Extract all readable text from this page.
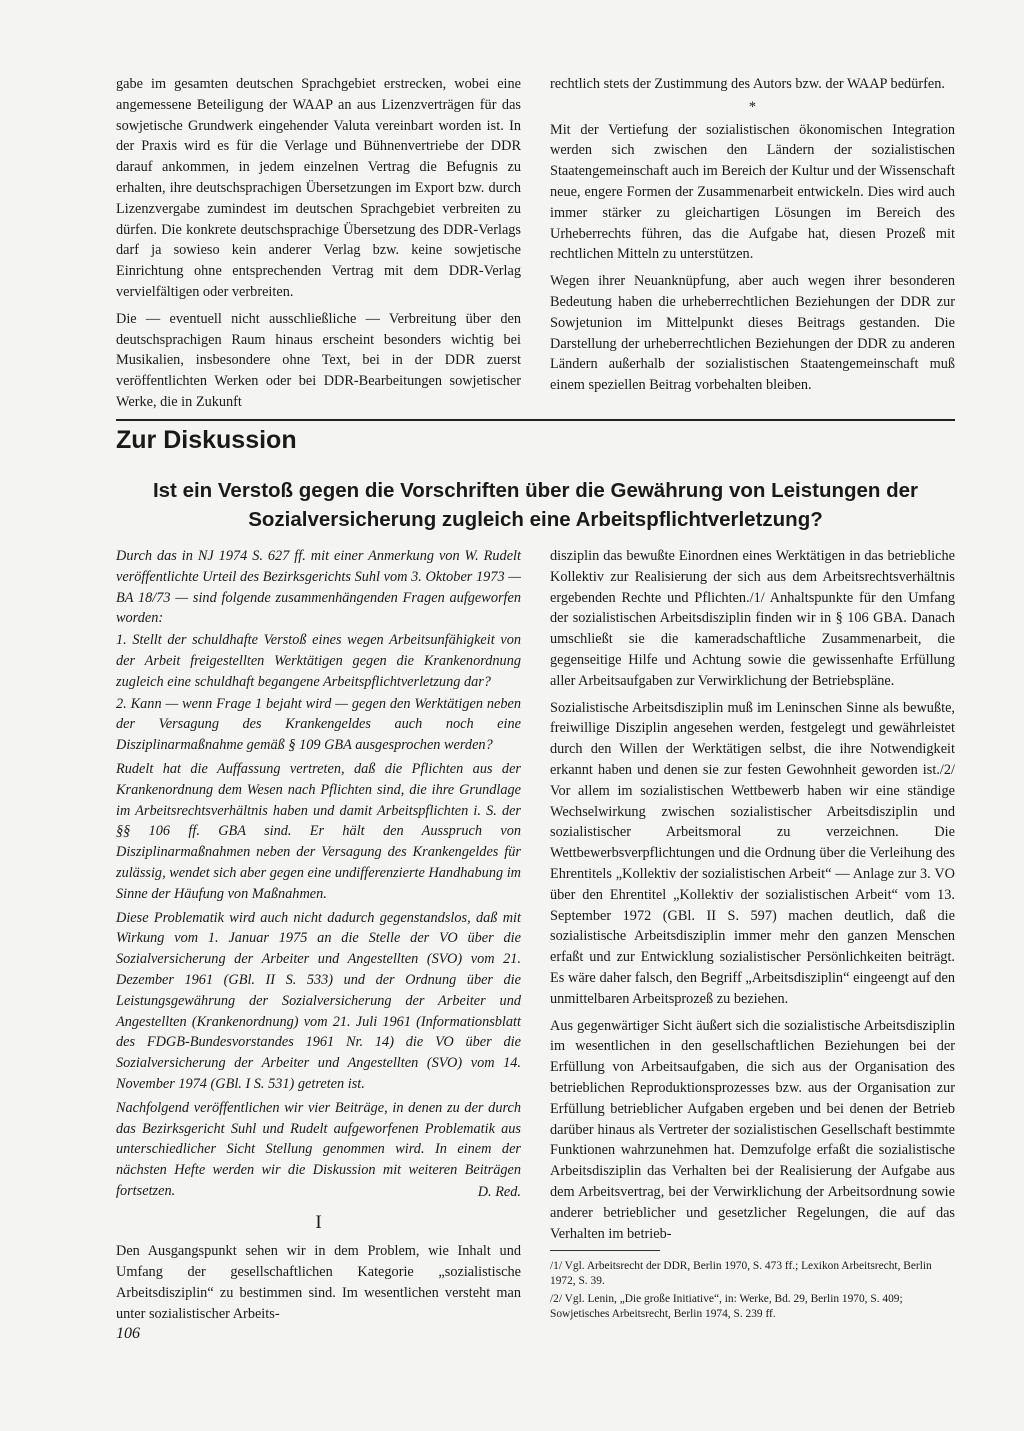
gabe im gesamten deutschen Sprachgebiet erstrecken, wobei eine angemessene Beteiligung der WAAP an aus Lizenzverträgen für das sowjetische Grundwerk eingehender Valuta vereinbart worden ist. In der Praxis wird es für die Verlage und Bühnenvertriebe der DDR darauf ankommen, in jedem einzelnen Vertrag die Befugnis zu erhalten, ihre deutschsprachigen Übersetzungen im Export bzw. durch Lizenzvergabe zumindest im deutschen Sprachgebiet verbreiten zu dürfen. Die konkrete deutschsprachige Übersetzung des DDR-Verlags darf ja sowieso kein anderer Verlag bzw. keine sowjetische Einrichtung ohne entsprechenden Vertrag mit dem DDR-Verlag vervielfältigen oder verbreiten.

Die — eventuell nicht ausschließliche — Verbreitung über den deutschsprachigen Raum hinaus erscheint besonders wichtig bei Musikalien, insbesondere ohne Text, bei in der DDR zuerst veröffentlichten Werken oder bei DDR-Bearbeitungen sowjetischer Werke, die in Zukunft

rechtlich stets der Zustimmung des Autors bzw. der WAAP bedürfen.

*

Mit der Vertiefung der sozialistischen ökonomischen Integration werden sich zwischen den Ländern der sozialistischen Staatengemeinschaft auch im Bereich der Kultur und der Wissenschaft neue, engere Formen der Zusammenarbeit entwickeln. Dies wird auch immer stärker zu gleichartigen Lösungen im Bereich des Urheberrechts führen, das die Aufgabe hat, diesen Prozeß mit rechtlichen Mitteln zu unterstützen.

Wegen ihrer Neuanknüpfung, aber auch wegen ihrer besonderen Bedeutung haben die urheberrechtlichen Beziehungen der DDR zur Sowjetunion im Mittelpunkt dieses Beitrags gestanden. Die Darstellung der urheberrechtlichen Beziehungen der DDR zu anderen Ländern außerhalb der sozialistischen Staatengemeinschaft muß einem speziellen Beitrag vorbehalten bleiben.

Zur Diskussion
Ist ein Verstoß gegen die Vorschriften über die Gewährung von Leistungen der Sozialversicherung zugleich eine Arbeitspflichtverletzung?

Durch das in NJ 1974 S. 627 ff. mit einer Anmerkung von W. Rudelt veröffentlichte Urteil des Bezirksgerichts Suhl vom 3. Oktober 1973 — BA 18/73 — sind folgende zusammenhängenden Fragen aufgeworfen worden:

1. Stellt der schuldhafte Verstoß eines wegen Arbeitsunfähigkeit von der Arbeit freigestellten Werktätigen gegen die Krankenordnung zugleich eine schuldhaft begangene Arbeitspflichtverletzung dar?

2. Kann — wenn Frage 1 bejaht wird — gegen den Werktätigen neben der Versagung des Krankengeldes auch noch eine Disziplinarmaßnahme gemäß § 109 GBA ausgesprochen werden?

Rudelt hat die Auffassung vertreten, daß die Pflichten aus der Krankenordnung dem Wesen nach Pflichten sind, die ihre Grundlage im Arbeitsrechtsverhältnis haben und damit Arbeitspflichten i. S. der §§ 106 ff. GBA sind. Er hält den Ausspruch von Disziplinarmaßnahmen neben der Versagung des Krankengeldes für zulässig, wendet sich aber gegen eine undifferenzierte Handhabung im Sinne der Häufung von Maßnahmen.

Diese Problematik wird auch nicht dadurch gegenstandslos, daß mit Wirkung vom 1. Januar 1975 an die Stelle der VO über die Sozialversicherung der Arbeiter und Angestellten (SVO) vom 21. Dezember 1961 (GBl. II S. 533) und der Ordnung über die Leistungsgewährung der Sozialversicherung der Arbeiter und Angestellten (Krankenordnung) vom 21. Juli 1961 (Informationsblatt des FDGB-Bundesvorstandes 1961 Nr. 14) die VO über die Sozialversicherung der Arbeiter und Angestellten (SVO) vom 14. November 1974 (GBl. I S. 531) getreten ist.

Nachfolgend veröffentlichen wir vier Beiträge, in denen zu der durch das Bezirksgericht Suhl und Rudelt aufgeworfenen Problematik aus unterschiedlicher Sicht Stellung genommen wird. In einem der nächsten Hefte werden wir die Diskussion mit weiteren Beiträgen fortsetzen.	D. Red.
I

Den Ausgangspunkt sehen wir in dem Problem, wie Inhalt und Umfang der gesellschaftlichen Kategorie „sozialistische Arbeitsdisziplin“ zu bestimmen sind. Im wesentlichen versteht man unter sozialistischer Arbeits-

disziplin das bewußte Einordnen eines Werktätigen in das betriebliche Kollektiv zur Realisierung der sich aus dem Arbeitsrechtsverhältnis ergebenden Rechte und Pflichten./1/ Anhaltspunkte für den Umfang der sozialistischen Arbeitsdisziplin finden wir in § 106 GBA. Danach umschließt sie die kameradschaftliche Zusammenarbeit, die gegenseitige Hilfe und Achtung sowie die gewissenhafte Erfüllung aller Arbeitsaufgaben zur Verwirklichung der Betriebspläne.

Sozialistische Arbeitsdisziplin muß im Leninschen Sinne als bewußte, freiwillige Disziplin angesehen werden, festgelegt und gewährleistet durch den Willen der Werktätigen selbst, die ihre Notwendigkeit erkannt haben und denen sie zur festen Gewohnheit geworden ist./2/ Vor allem im sozialistischen Wettbewerb haben wir eine ständige Wechselwirkung zwischen sozialistischer Arbeitsdisziplin und sozialistischer Arbeitsmoral zu verzeichnen. Die Wettbewerbsverpflichtungen und die Ordnung über die Verleihung des Ehrentitels „Kollektiv der sozialistischen Arbeit“ — Anlage zur 3. VO über den Ehrentitel „Kollektiv der sozialistischen Arbeit“ vom 13. September 1972 (GBl. II S. 597) machen deutlich, daß die sozialistische Arbeitsdisziplin immer mehr den ganzen Menschen erfaßt und zur Entwicklung sozialistischer Persönlichkeiten beiträgt. Es wäre daher falsch, den Begriff „Arbeitsdisziplin“ eingeengt auf den unmittelbaren Arbeitsprozeß zu beziehen.

Aus gegenwärtiger Sicht äußert sich die sozialistische Arbeitsdisziplin im wesentlichen in den gesellschaftlichen Beziehungen bei der Erfüllung von Arbeitsaufgaben, die sich aus der Organisation des betrieblichen Reproduktionsprozesses bzw. aus der Organisation zur Erfüllung betrieblicher Aufgaben ergeben und bei denen der Betrieb darüber hinaus als Vertreter der sozialistischen Gesellschaft bestimmte Funktionen wahrzunehmen hat. Demzufolge erfaßt die sozialistische Arbeitsdisziplin das Verhalten bei der Realisierung der Aufgabe aus dem Arbeitsvertrag, bei der Verwirklichung der Arbeitsordnung sowie anderer betrieblicher und gesetzlicher Regelungen, die auf das Verhalten im betrieb-

/1/ Vgl. Arbeitsrecht der DDR, Berlin 1970, S. 473 ff.; Lexikon Arbeitsrecht, Berlin 1972, S. 39.

/2/ Vgl. Lenin, „Die große Initiative“, in: Werke, Bd. 29, Berlin 1970, S. 409; Sowjetisches Arbeitsrecht, Berlin 1974, S. 239 ff.

106
